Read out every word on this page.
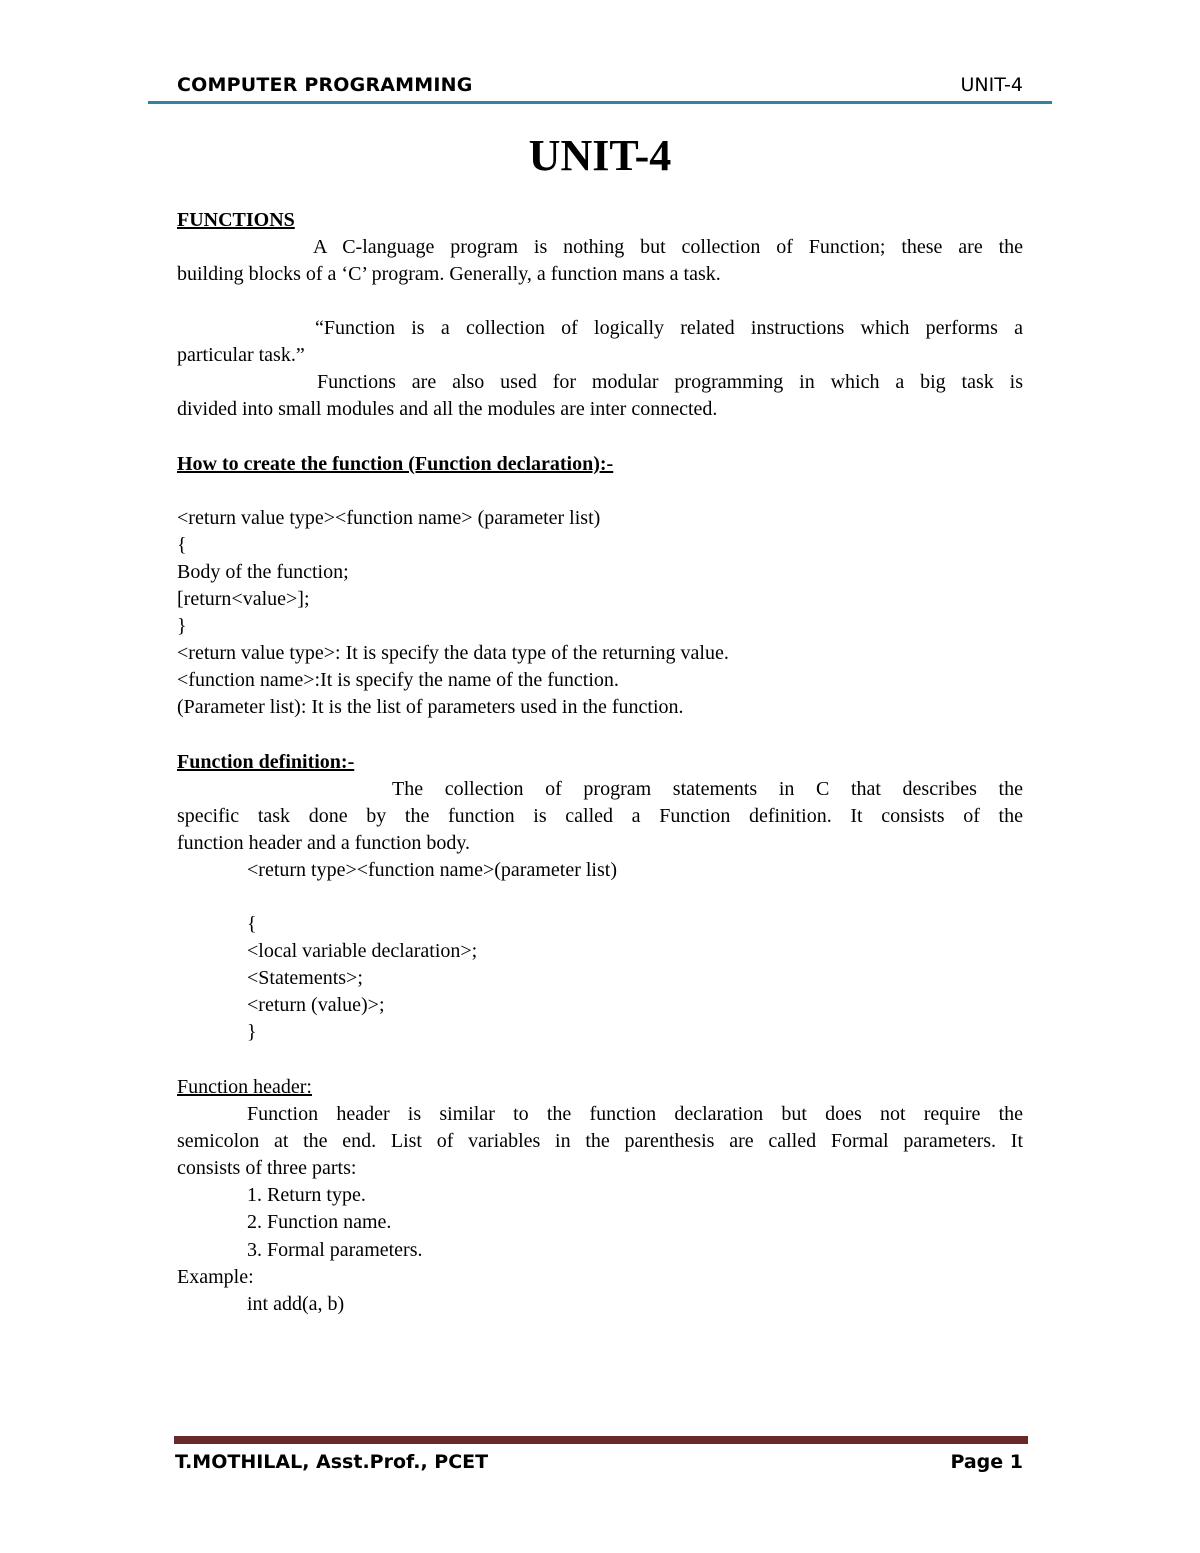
COMPUTER PROGRAMMING	UNIT-4
UNIT-4
FUNCTIONS
A C-language program is nothing but collection of Function; these are the
building blocks of a ‘C’ program. Generally, a function mans a task.
“Function is a collection of logically related instructions which performs a
particular task.”
Functions are also used for modular programming in which a big task is
divided into small modules and all the modules are inter connected.
How to create the function (Function declaration):-
<return value type><function name> (parameter list)
{
Body of the function;
[return<value>];
}
<return value type>: It is specify the data type of the returning value.
<function name>:It is specify the name of the function.
(Parameter list): It is the list of parameters used in the function.
Function definition:-
The collection of program statements in C that describes the
specific task done by the function is called a Function definition. It consists of the
function header and a function body.
<return type><function name>(parameter list)
{
<local variable declaration>;
<Statements>;
<return (value)>;
}
Function header:
Function header is similar to the function declaration but does not require the
semicolon at the end. List of variables in the parenthesis are called Formal parameters. It
consists of three parts:
1. Return type.
2. Function name.
3. Formal parameters.
Example:
int add(a, b)
T.MOTHILAL, Asst.Prof., PCET	Page 1
